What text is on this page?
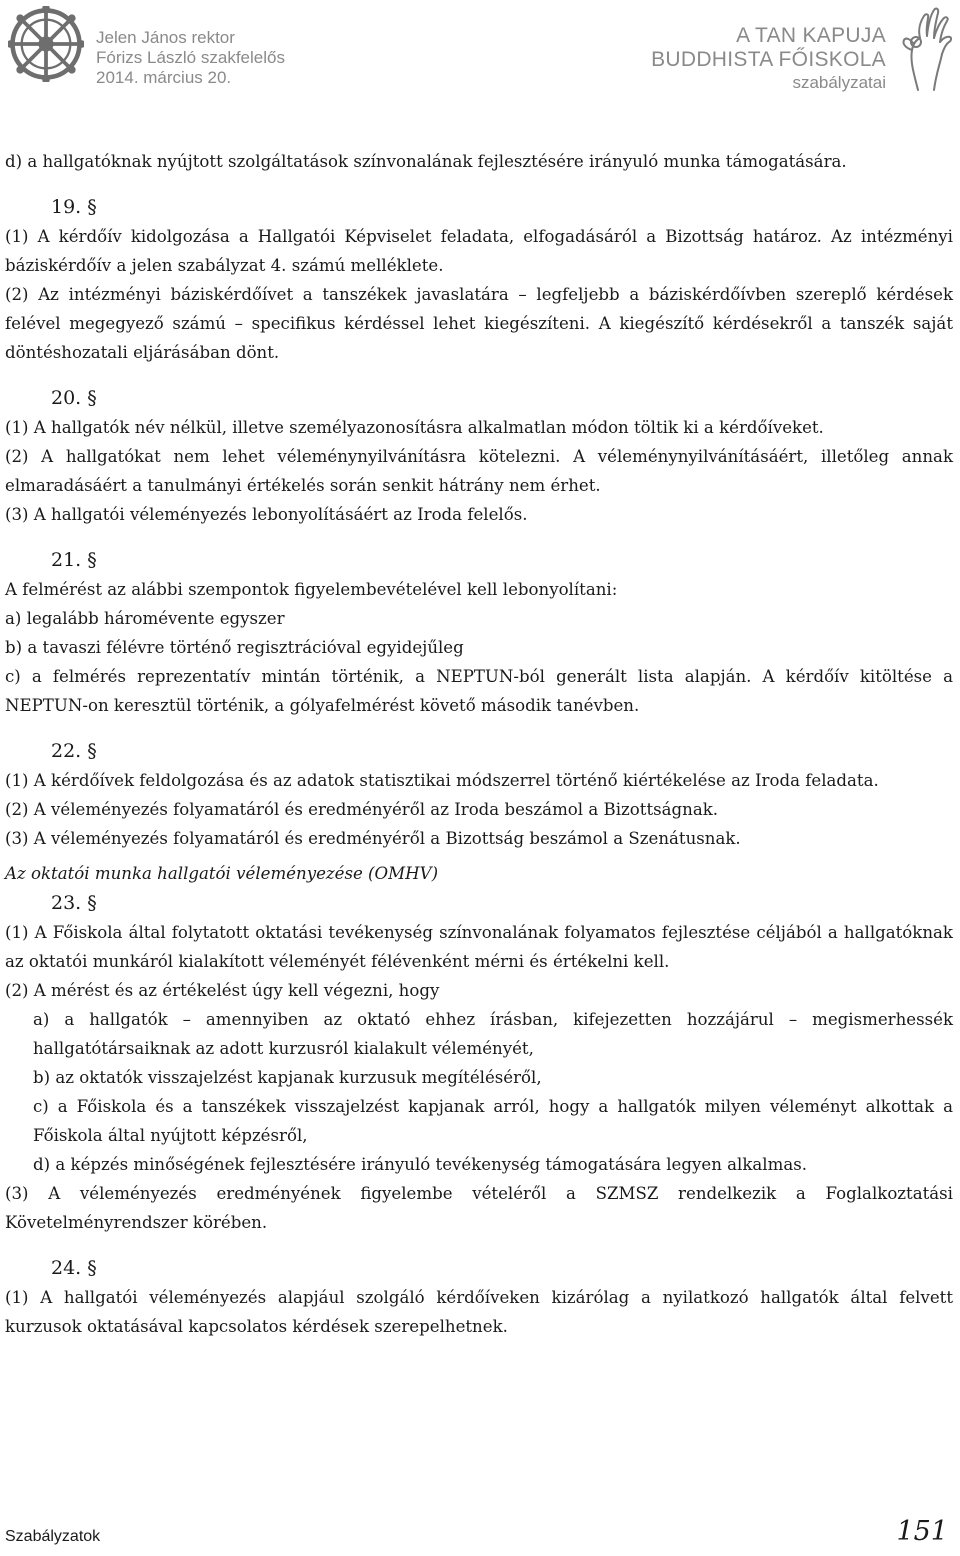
Jelen János rektor
Fórizs László szakfelelős
2014. március 20.
A TAN KAPUJA
BUDDHISTA FŐISKOLA
szabályzatai

d) a hallgatóknak nyújtott szolgáltatások színvonalának fejlesztésére irányuló munka támogatására.

19. §

(1) A kérdőív kidolgozása a Hallgatói Képviselet feladata, elfogadásáról a Bizottság határoz. Az intézményi báziskérdőív a jelen szabályzat 4. számú melléklete.

(2) Az intézményi báziskérdőívet a tanszékek javaslatára – legfeljebb a báziskérdőívben szereplő kérdések felével megegyező számú – specifikus kérdéssel lehet kiegészíteni. A kiegészítő kérdésekről a tanszék saját döntéshozatali eljárásában dönt.

20. §

(1) A hallgatók név nélkül, illetve személyazonosításra alkalmatlan módon töltik ki a kérdőíveket.

(2) A hallgatókat nem lehet véleménynyilvánításra kötelezni. A véleménynyilvánításáért, illetőleg annak elmaradásáért a tanulmányi értékelés során senkit hátrány nem érhet.

(3) A hallgatói véleményezés lebonyolításáért az Iroda felelős.

21. §

A felmérést az alábbi szempontok figyelembevételével kell lebonyolítani:

a) legalább háromévente egyszer

b) a tavaszi félévre történő regisztrációval egyidejűleg

c) a felmérés reprezentatív mintán történik, a NEPTUN-ból generált lista alapján. A kérdőív kitöltése a NEPTUN-on keresztül történik, a gólyafelmérést követő második tanévben.

22. §

(1) A kérdőívek feldolgozása és az adatok statisztikai módszerrel történő kiértékelése az Iroda feladata.

(2) A véleményezés folyamatáról és eredményéről az Iroda beszámol a Bizottságnak.

(3) A véleményezés folyamatáról és eredményéről a Bizottság beszámol a Szenátusnak.

Az oktatói munka hallgatói véleményezése (OMHV)

23. §

(1) A Főiskola által folytatott oktatási tevékenység színvonalának folyamatos fejlesztése céljából a hallgatóknak az oktatói munkáról kialakított véleményét félévenként mérni és értékelni kell.

(2) A mérést és az értékelést úgy kell végezni, hogy

a) a hallgatók – amennyiben az oktató ehhez írásban, kifejezetten hozzájárul – megismerhessék hallgatótársaiknak az adott kurzusról kialakult véleményét,

b) az oktatók visszajelzést kapjanak kurzusuk megítéléséről,

c) a Főiskola és a tanszékek visszajelzést kapjanak arról, hogy a hallgatók milyen véleményt alkottak a Főiskola által nyújtott képzésről,

d) a képzés minőségének fejlesztésére irányuló tevékenység támogatására legyen alkalmas.

(3) A véleményezés eredményének figyelembe vételéről a SZMSZ rendelkezik a Foglalkoztatási Követelményrendszer körében.

24. §

(1) A hallgatói véleményezés alapjául szolgáló kérdőíveken kizárólag a nyilatkozó hallgatók által felvett kurzusok oktatásával kapcsolatos kérdések szerepelhetnek.

Szabályzatok	151
